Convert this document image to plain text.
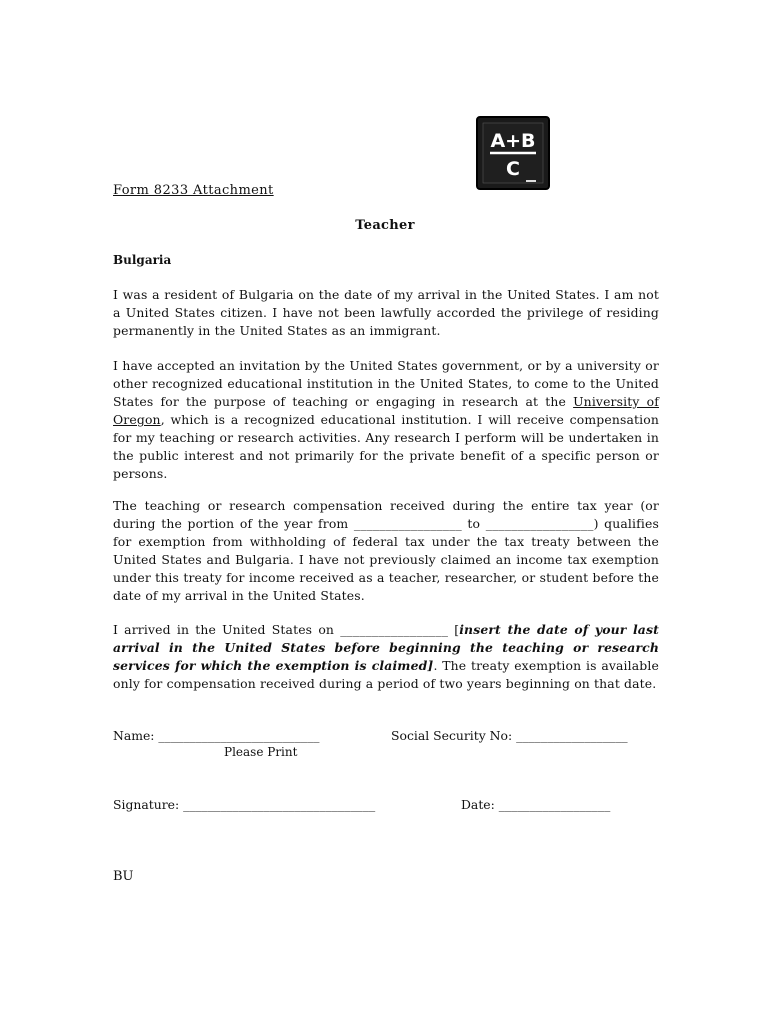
A+B
C
Form 8233 Attachment
Teacher
Bulgaria
I was a resident of Bulgaria on the date of my arrival in the United States. I am not a United States citizen. I have not been lawfully accorded the privilege of residing permanently in the United States as an immigrant.
I have accepted an invitation by the United States government, or by a university or other recognized educational institution in the United States, to come to the United States for the purpose of teaching or engaging in research at the University of Oregon, which is a recognized educational institution. I will receive compensation for my teaching or research activities. Any research I perform will be undertaken in the public interest and not primarily for the private benefit of a specific person or persons.
The teaching or research compensation received during the entire tax year (or during the portion of the year from _________________ to _________________) qualifies for exemption from withholding of federal tax under the tax treaty between the United States and Bulgaria. I have not previously claimed an income tax exemption under this treaty for income received as a teacher, researcher, or student before the date of my arrival in the United States.
I arrived in the United States on _________________ [insert the date of your last arrival in the United States before beginning the teaching or research services for which the exemption is claimed]. The treaty exemption is available only for compensation received during a period of two years beginning on that date.
Name: __________________________	Social Security No: __________________
Please Print
Signature: _______________________________	Date: __________________
BU
